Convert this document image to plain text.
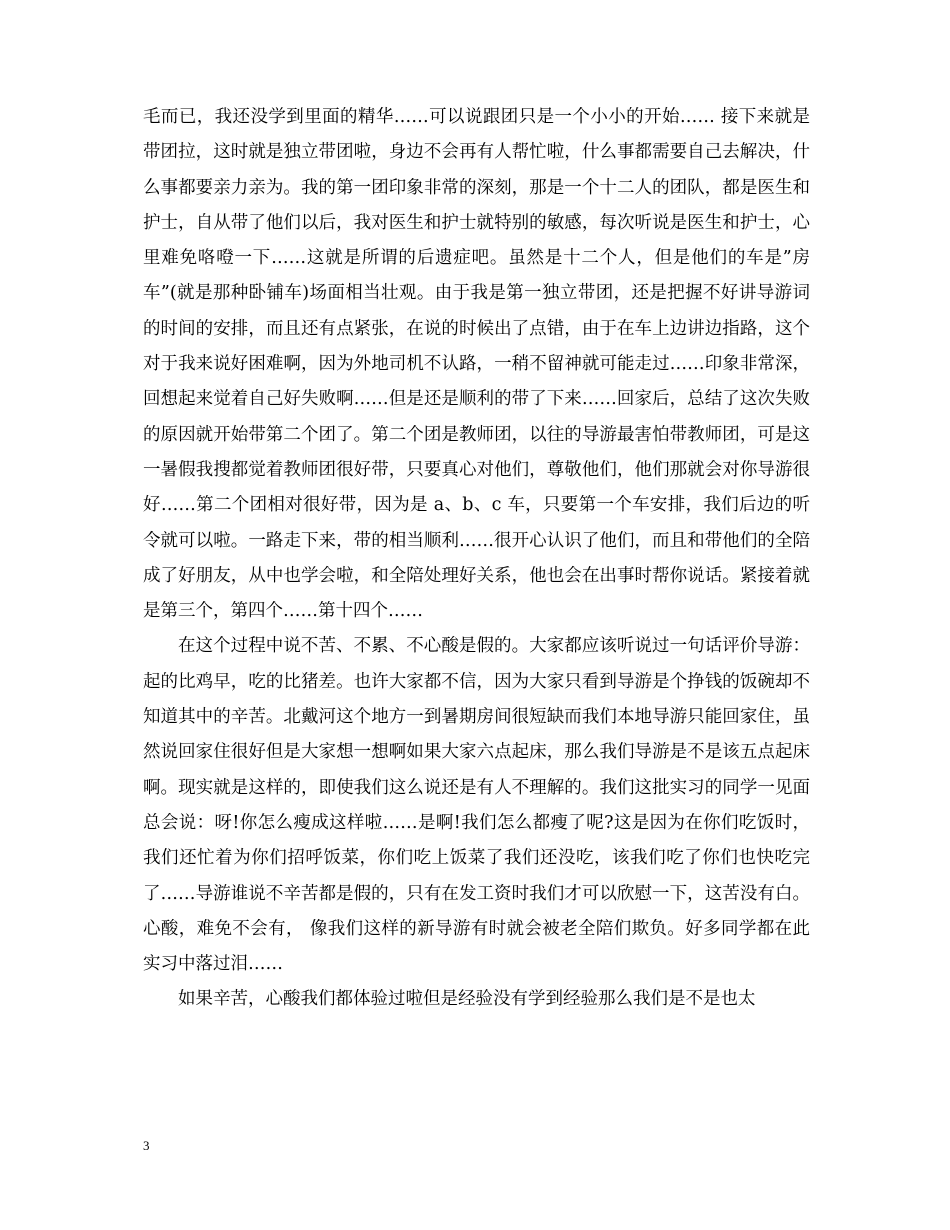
毛而已，我还没学到里面的精华……可以说跟团只是一个小小的开始…… 接下来就是带团拉，这时就是独立带团啦，身边不会再有人帮忙啦，什么事都需要自己去解决，什么事都要亲力亲为。我的第一团印象非常的深刻，那是一个十二人的团队，都是医生和护士，自从带了他们以后，我对医生和护士就特别的敏感，每次听说是医生和护士，心里难免咯噔一下……这就是所谓的后遗症吧。虽然是十二个人，但是他们的车是”房车”(就是那种卧铺车)场面相当壮观。由于我是第一独立带团，还是把握不好讲导游词的时间的安排，而且还有点紧张，在说的时候出了点错，由于在车上边讲边指路，这个对于我来说好困难啊，因为外地司机不认路，一稍不留神就可能走过……印象非常深，回想起来觉着自己好失败啊……但是还是顺利的带了下来……回家后，总结了这次失败的原因就开始带第二个团了。第二个团是教师团，以往的导游最害怕带教师团，可是这一暑假我搜都觉着教师团很好带，只要真心对他们，尊敬他们，他们那就会对你导游很好……第二个团相对很好带，因为是 a、b、c 车，只要第一个车安排，我们后边的听令就可以啦。一路走下来，带的相当顺利……很开心认识了他们，而且和带他们的全陪成了好朋友，从中也学会啦，和全陪处理好关系，他也会在出事时帮你说话。紧接着就是第三个，第四个……第十四个……

在这个过程中说不苦、不累、不心酸是假的。大家都应该听说过一句话评价导游：起的比鸡早，吃的比猪差。也许大家都不信，因为大家只看到导游是个挣钱的饭碗却不知道其中的辛苦。北戴河这个地方一到暑期房间很短缺而我们本地导游只能回家住，虽然说回家住很好但是大家想一想啊如果大家六点起床，那么我们导游是不是该五点起床啊。现实就是这样的，即使我们这么说还是有人不理解的。我们这批实习的同学一见面总会说：呀!你怎么瘦成这样啦……是啊!我们怎么都瘦了呢?这是因为在你们吃饭时，我们还忙着为你们招呼饭菜，你们吃上饭菜了我们还没吃，该我们吃了你们也快吃完了……导游谁说不辛苦都是假的，只有在发工资时我们才可以欣慰一下，这苦没有白。心酸，难免不会有， 像我们这样的新导游有时就会被老全陪们欺负。好多同学都在此实习中落过泪……

如果辛苦，心酸我们都体验过啦但是经验没有学到经验那么我们是不是也太

3
